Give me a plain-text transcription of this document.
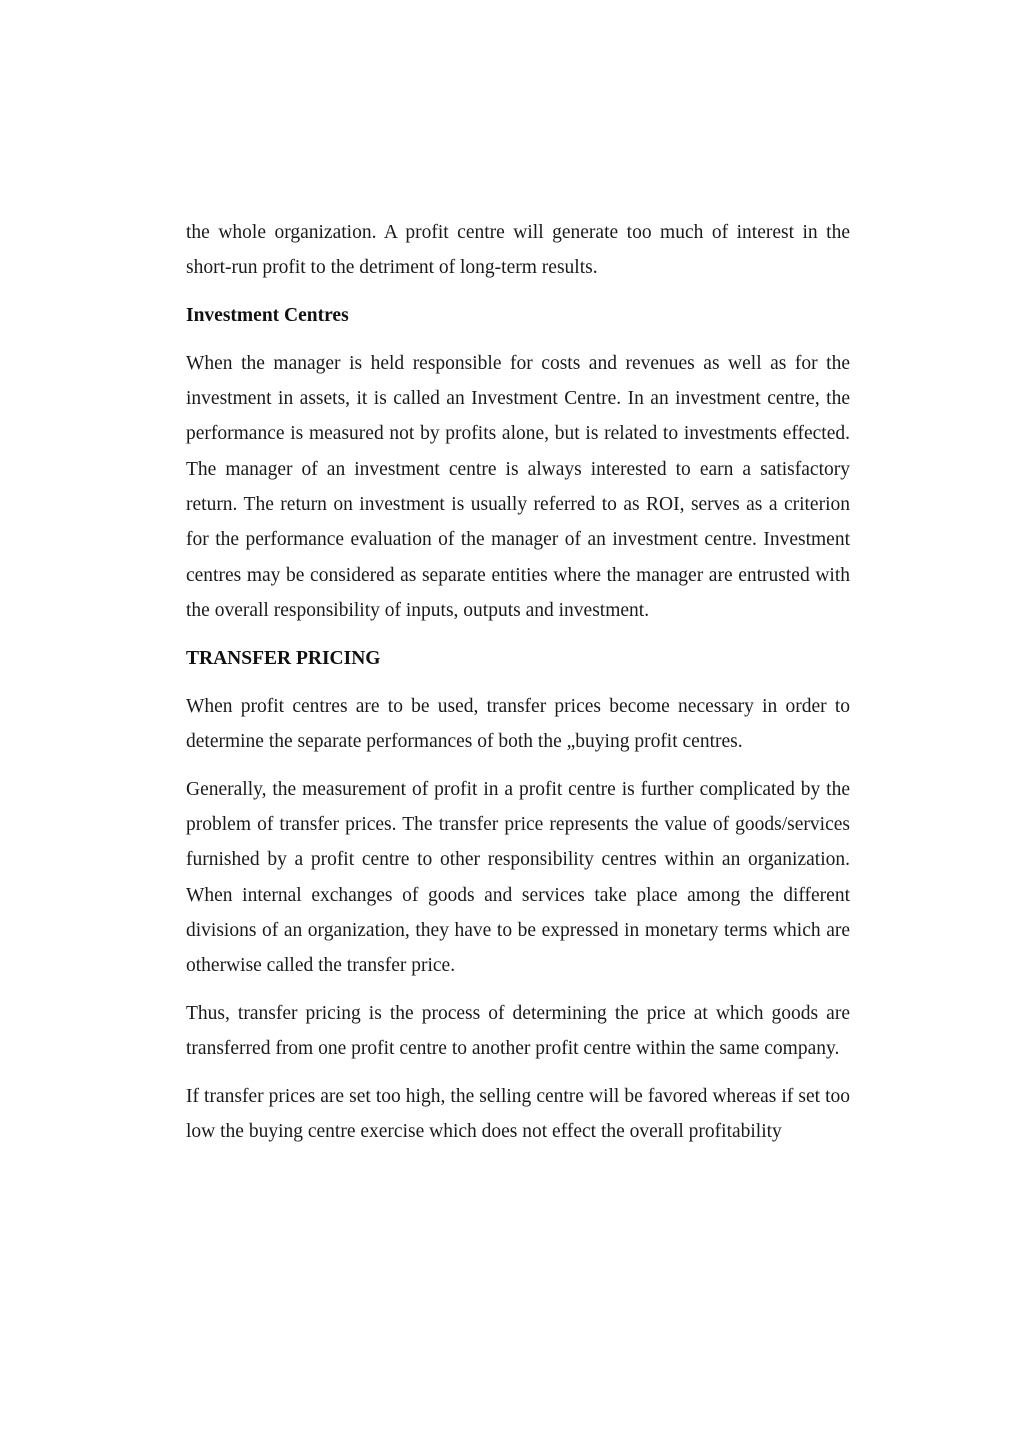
the whole organization. A profit centre will generate too much of interest in the short-run profit to the detriment of long-term results.

Investment Centres

When the manager is held responsible for costs and revenues as well as for the investment in assets, it is called an Investment Centre. In an investment centre, the performance is measured not by profits alone, but is related to investments effected. The manager of an investment centre is always interested to earn a satisfactory return. The return on investment is usually referred to as ROI, serves as a criterion for the performance evaluation of the manager of an investment centre. Investment centres may be considered as separate entities where the manager are entrusted with the overall responsibility of inputs, outputs and investment.

TRANSFER PRICING

When profit centres are to be used, transfer prices become necessary in order to determine the separate performances of both the „buying profit centres.

Generally, the measurement of profit in a profit centre is further complicated by the problem of transfer prices. The transfer price represents the value of goods/services furnished by a profit centre to other responsibility centres within an organization. When internal exchanges of goods and services take place among the different divisions of an organization, they have to be expressed in monetary terms which are otherwise called the transfer price.

Thus, transfer pricing is the process of determining the price at which goods are transferred from one profit centre to another profit centre within the same company.

If transfer prices are set too high, the selling centre will be favored whereas if set too low the buying centre exercise which does not effect the overall profitability
